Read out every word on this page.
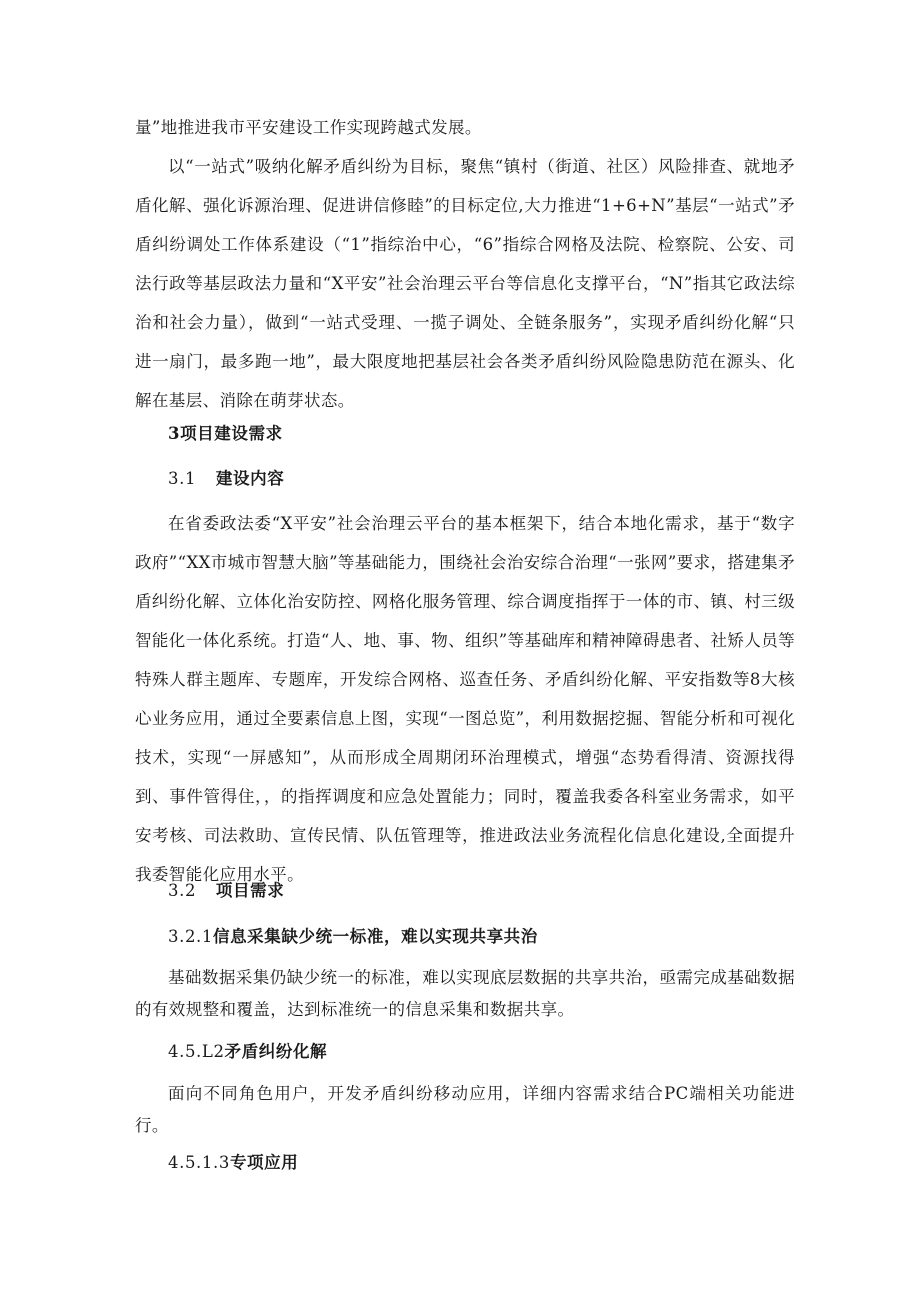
量”地推进我市平安建设工作实现跨越式发展。

以“一站式”吸纳化解矛盾纠纷为目标，聚焦“镇村（街道、社区）风险排查、就地矛盾化解、强化诉源治理、促进讲信修睦”的目标定位,大力推进“1+6+N”基层“一站式”矛盾纠纷调处工作体系建设（“1”指综治中心，“6”指综合网格及法院、检察院、公安、司法行政等基层政法力量和“X平安”社会治理云平台等信息化支撑平台，“N”指其它政法综治和社会力量），做到“一站式受理、一揽子调处、全链条服务”，实现矛盾纠纷化解“只进一扇门，最多跑一地”，最大限度地把基层社会各类矛盾纠纷风险隐患防范在源头、化解在基层、消除在萌芽状态。

3项目建设需求
3.1 建设内容

在省委政法委“X平安”社会治理云平台的基本框架下，结合本地化需求，基于“数字政府”“XX市城市智慧大脑”等基础能力，围绕社会治安综合治理“一张网”要求，搭建集矛盾纠纷化解、立体化治安防控、网格化服务管理、综合调度指挥于一体的市、镇、村三级智能化一体化系统。打造“人、地、事、物、组织”等基础库和精神障碍患者、社矫人员等特殊人群主题库、专题库，开发综合网格、巡查任务、矛盾纠纷化解、平安指数等8大核心业务应用，通过全要素信息上图，实现“一图总览”，利用数据挖掘、智能分析和可视化技术，实现“一屏感知”，从而形成全周期闭环治理模式，增强“态势看得清、资源找得到、事件管得住，，的指挥调度和应急处置能力；同时，覆盖我委各科室业务需求，如平安考核、司法救助、宣传民情、队伍管理等，推进政法业务流程化信息化建设,全面提升我委智能化应用水平。

3.2 项目需求
3.2.1信息采集缺少统一标准，难以实现共享共治

基础数据采集仍缺少统一的标准，难以实现底层数据的共享共治，亟需完成基础数据的有效规整和覆盖，达到标准统一的信息采集和数据共享。

4.5.L2矛盾纠纷化解

面向不同角色用户，开发矛盾纠纷移动应用，详细内容需求结合PC端相关功能进行。

4.5.1.3专项应用
